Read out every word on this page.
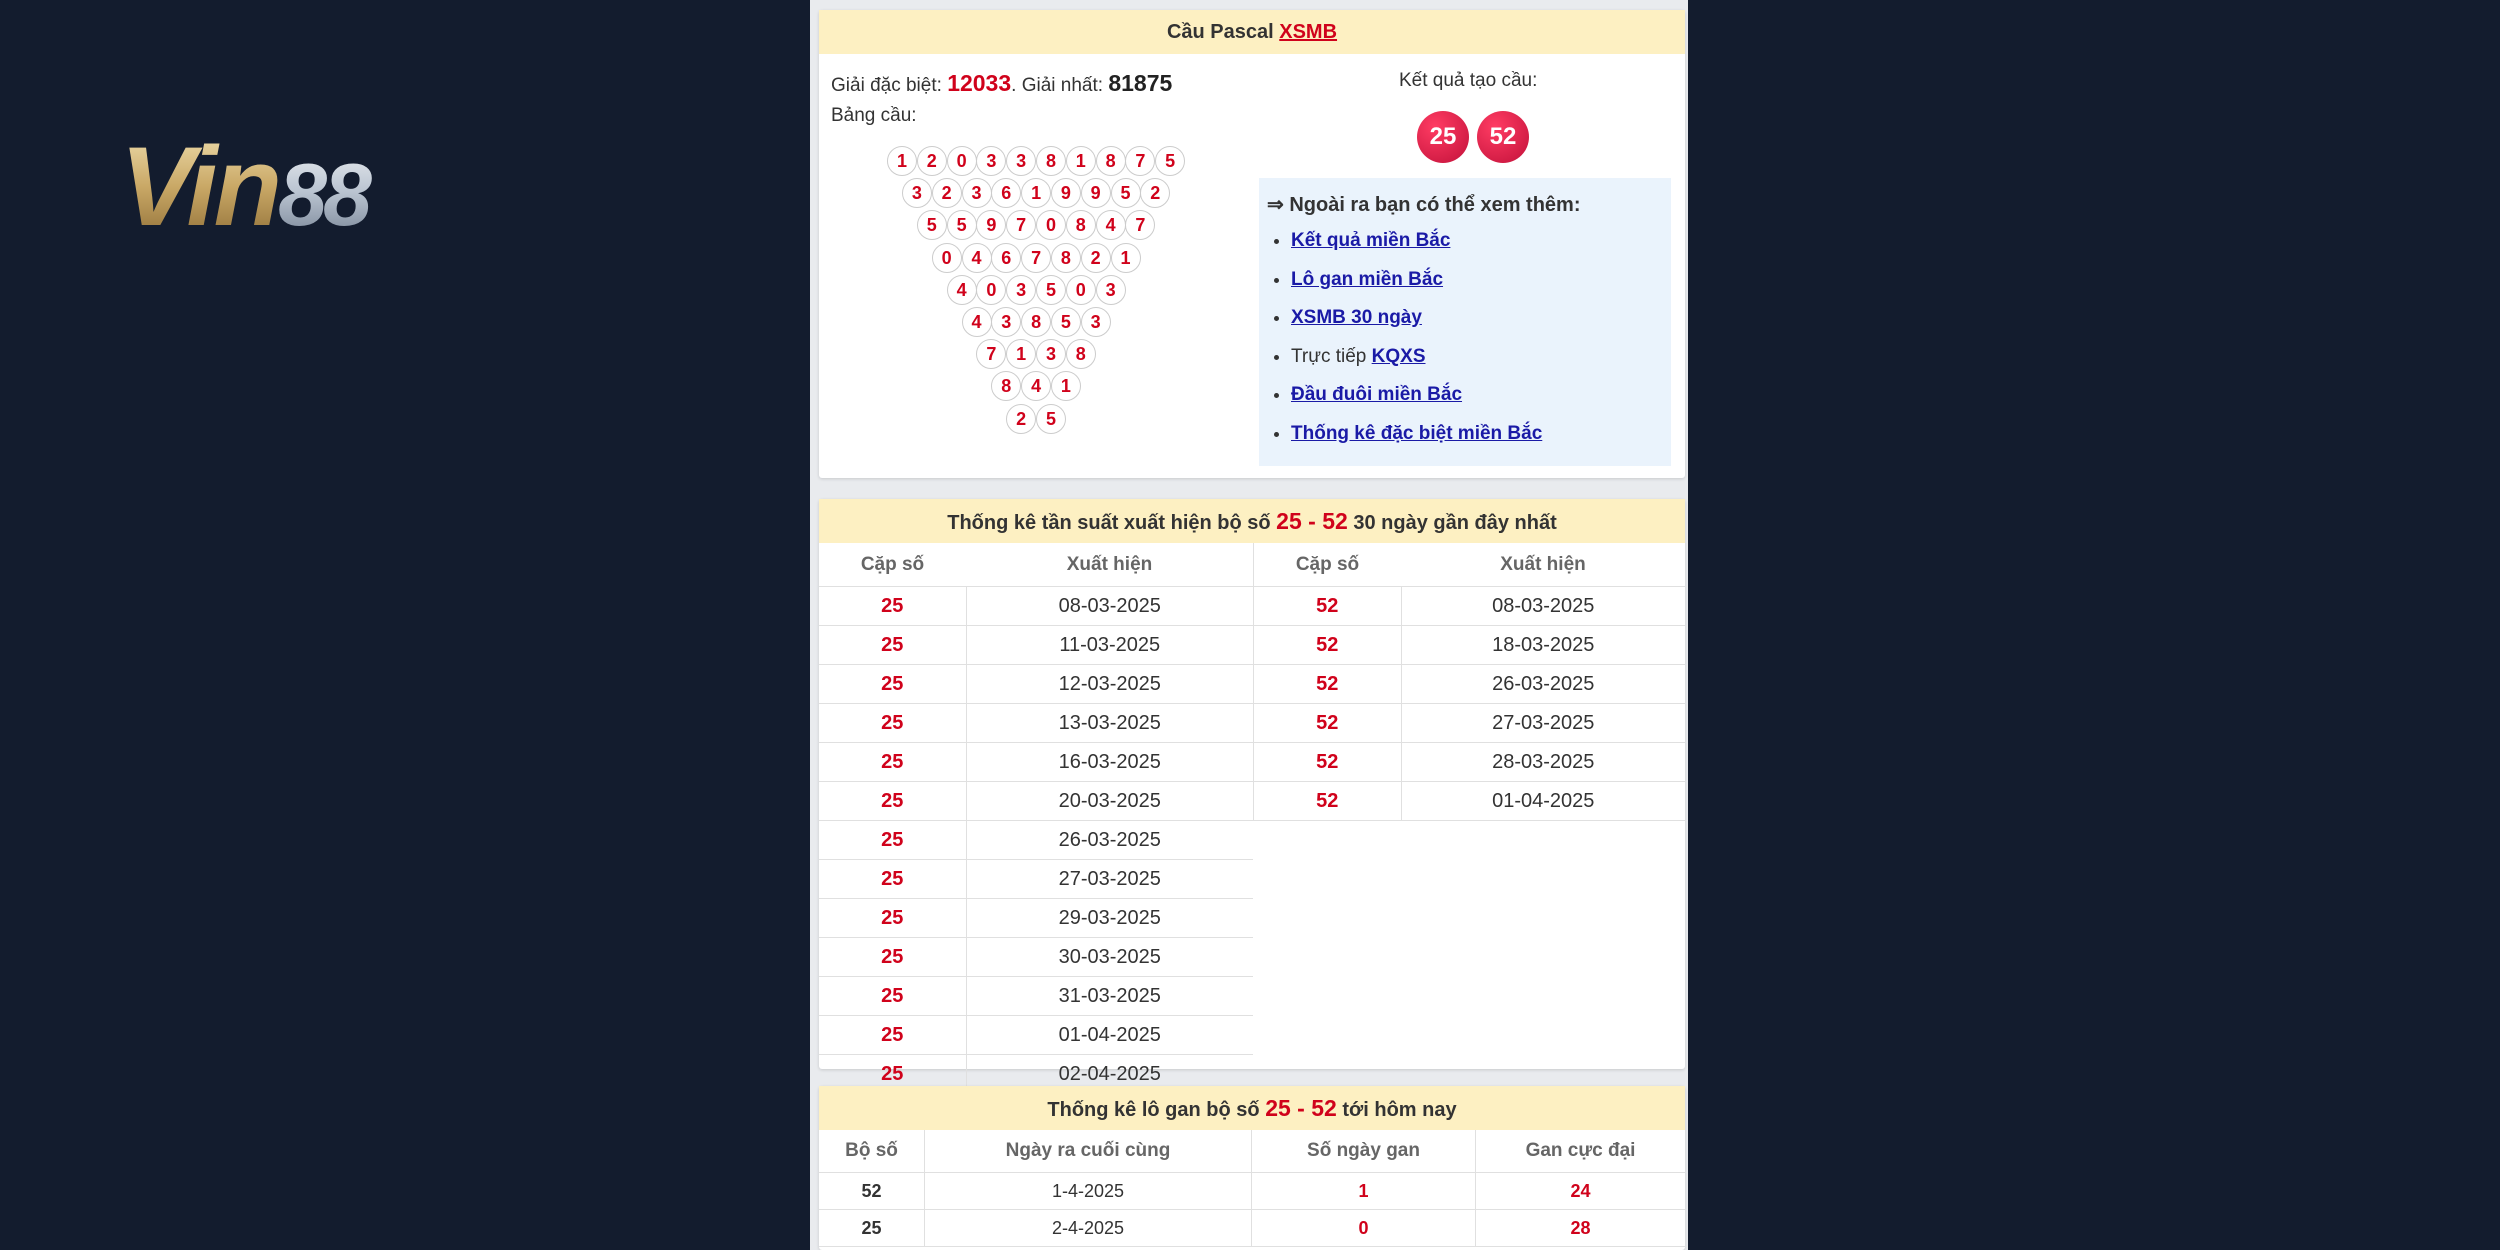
Vin88
Cầu Pascal XSMB
Giải đặc biệt: 12033. Giải nhất: 81875
Bảng cầu:
1	2	0	3	3	8	1	8	7	5
3	2	3	6	1	9	9	5	2
5	5	9	7	0	8	4	7
0	4	6	7	8	2	1
4	0	3	5	0	3
4	3	8	5	3
7	1	3	8
8	4	1
2	5
Kết quả tạo cầu:
25	52
⇒ Ngoài ra bạn có thể xem thêm:
• Kết quả miền Bắc
• Lô gan miền Bắc
• XSMB 30 ngày
• Trực tiếp KQXS
• Đầu đuôi miền Bắc
• Thống kê đặc biệt miền Bắc
Thống kê tần suất xuất hiện bộ số 25 - 52 30 ngày gần đây nhất
Cặp số	Xuất hiện
25	08-03-2025
25	11-03-2025
25	12-03-2025
25	13-03-2025
25	16-03-2025
25	20-03-2025
25	26-03-2025
25	27-03-2025
25	29-03-2025
25	30-03-2025
25	31-03-2025
25	01-04-2025
25	02-04-2025
Cặp số	Xuất hiện
52	08-03-2025
52	18-03-2025
52	26-03-2025
52	27-03-2025
52	28-03-2025
52	01-04-2025
Thống kê lô gan bộ số 25 - 52 tới hôm nay
Bộ số	Ngày ra cuối cùng	Số ngày gan	Gan cực đại
52	1-4-2025	1	24
25	2-4-2025	0	28
